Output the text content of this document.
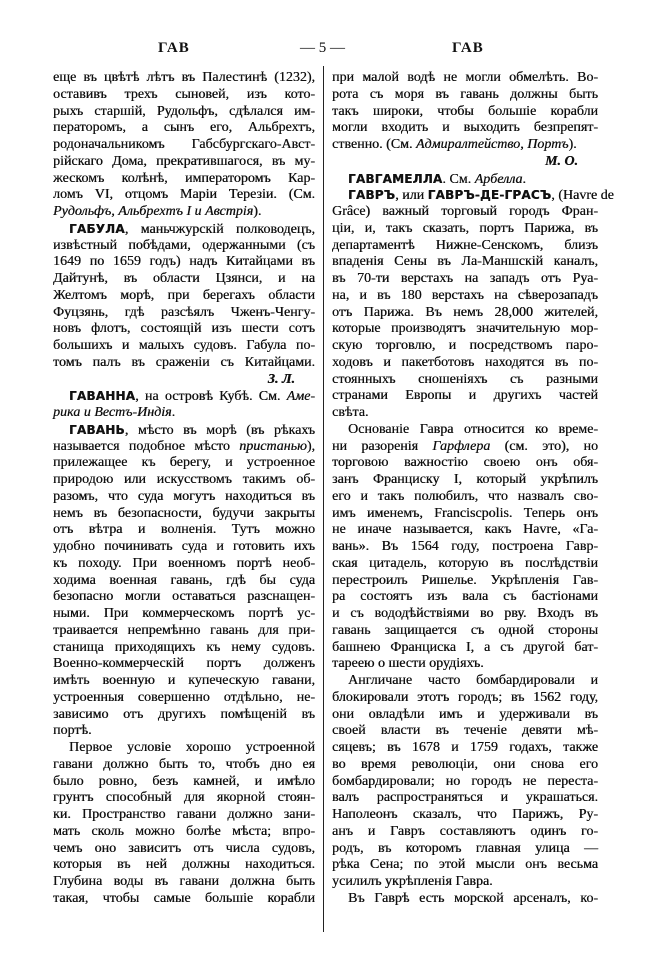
ГАВ	— 5 —	ГАВ
еще въ цвѣтѣ лѣтъ въ Палестинѣ (1232),
оставивъ трехъ сыновей, изъ кото-
рыхъ старшій, Рудольфъ, сдѣлался им-
ператоромъ, а сынъ его, Альбрехтъ,
родоначальникомъ Габсбургскаго-Авст-
рійскаго Дома, прекратившагося, въ му-
жескомъ колѣнѣ, императоромъ Кар-
ломъ VI, отцомъ Маріи Терезіи. (См.
Рудольфъ, Альбрехтъ I и Австрія).
ГАБУЛА, маньчжурскій полководецъ,
извѣстный побѣдами, одержанными (съ
1649 по 1659 годъ) надъ Китайцами въ
Дайтунѣ, въ области Цзянси, и на
Желтомъ морѣ, при берегахъ области
Фуцзянь, гдѣ разсѣялъ Чженъ-Ченгу-
новъ флотъ, состоящій изъ шести сотъ
большихъ и малыхъ судовъ. Габула по-
томъ палъ въ сраженіи съ Китайцами.
З. Л.
ГАВАННА, на островѣ Кубѣ. См. Аме-
рика и Вестъ-Индія.
ГАВАНЬ, мѣсто въ морѣ (въ рѣкахъ
называется подобное мѣсто пристанью),
прилежащее къ берегу, и устроенное
природою или искусствомъ такимъ об-
разомъ, что суда могутъ находиться въ
немъ въ безопасности, будучи закрыты
отъ вѣтра и волненія. Тутъ можно
удобно починивать суда и готовить ихъ
къ походу. При военномъ портѣ необ-
ходима военная гавань, гдѣ бы суда
безопасно могли оставаться разснащен-
ными. При коммерческомъ портѣ ус-
траивается непремѣнно гавань для при-
станища приходящихъ къ нему судовъ.
Военно-коммерческій портъ долженъ
имѣть военную и купеческую гавани,
устроенныя совершенно отдѣльно, не-
зависимо отъ другихъ помѣщеній въ
портѣ.
Первое условіе хорошо устроенной
гавани должно быть то, чтобъ дно ея
было ровно, безъ камней, и имѣло
грунтъ способный для якорной стоян-
ки. Пространство гавани должно зани-
мать сколь можно болѣе мѣста; впро-
чемъ оно зависитъ отъ числа судовъ,
которыя въ ней должны находиться.
Глубина воды въ гавани должна быть
такая, чтобы самые большіе корабли
при малой водѣ не могли обмелѣть. Во-
рота съ моря въ гавань должны быть
такъ широки, чтобы большіе корабли
могли входить и выходить безпрепят-
ственно. (См. Адмиралтейство, Портъ).
М. О.
ГАВГАМЕЛЛА. См. Арбелла.
ГАВРЪ, или ГАВРЪ-ДЕ-ГРАСЪ, (Havre de
Grâce) важный торговый городъ Фран-
ціи, и, такъ сказать, портъ Парижа, въ
департаментѣ Нижне-Сенскомъ, близъ
впаденія Сены въ Ла-Маншскій каналъ,
въ 70-ти верстахъ на западъ отъ Руа-
на, и въ 180 верстахъ на сѣверозападъ
отъ Парижа. Въ немъ 28,000 жителей,
которые производятъ значительную мор-
скую торговлю, и посредствомъ паро-
ходовъ и пакетботовъ находятся въ по-
стоянныхъ сношеніяхъ съ разными
странами Европы и другихъ частей
свѣта.
Основаніе Гавра относится ко време-
ни разоренія Гарфлера (см. это), но
торговою важностію своею онъ обя-
занъ Франциску I, который укрѣпилъ
его и такъ полюбилъ, что назвалъ сво-
имъ именемъ, Franciscpolis. Теперь онъ
не иначе называется, какъ Havre, «Га-
вань». Въ 1564 году, построена Гавр-
ская цитадель, которую въ послѣдствіи
перестроилъ Ришелье. Укрѣпленія Гав-
ра состоятъ изъ вала съ бастіонами
и съ вододѣйствіями во рву. Входъ въ
гавань защищается съ одной стороны
башнею Франциска I, а съ другой бат-
тареею о шести орудіяхъ.
Англичане часто бомбардировали и
блокировали этотъ городъ; въ 1562 году,
они овладѣли имъ и удерживали въ
своей власти въ теченіе девяти мѣ-
сяцевъ; въ 1678 и 1759 годахъ, также
во время революціи, они снова его
бомбардировали; но городъ не переста-
валъ распространяться и украшаться.
Наполеонъ сказалъ, что Парижъ, Ру-
анъ и Гавръ составляютъ одинъ го-
родъ, въ которомъ главная улица —
рѣка Сена; по этой мысли онъ весьма
усилилъ укрѣпленія Гавра.
Въ Гаврѣ есть морской арсеналъ, ко-
